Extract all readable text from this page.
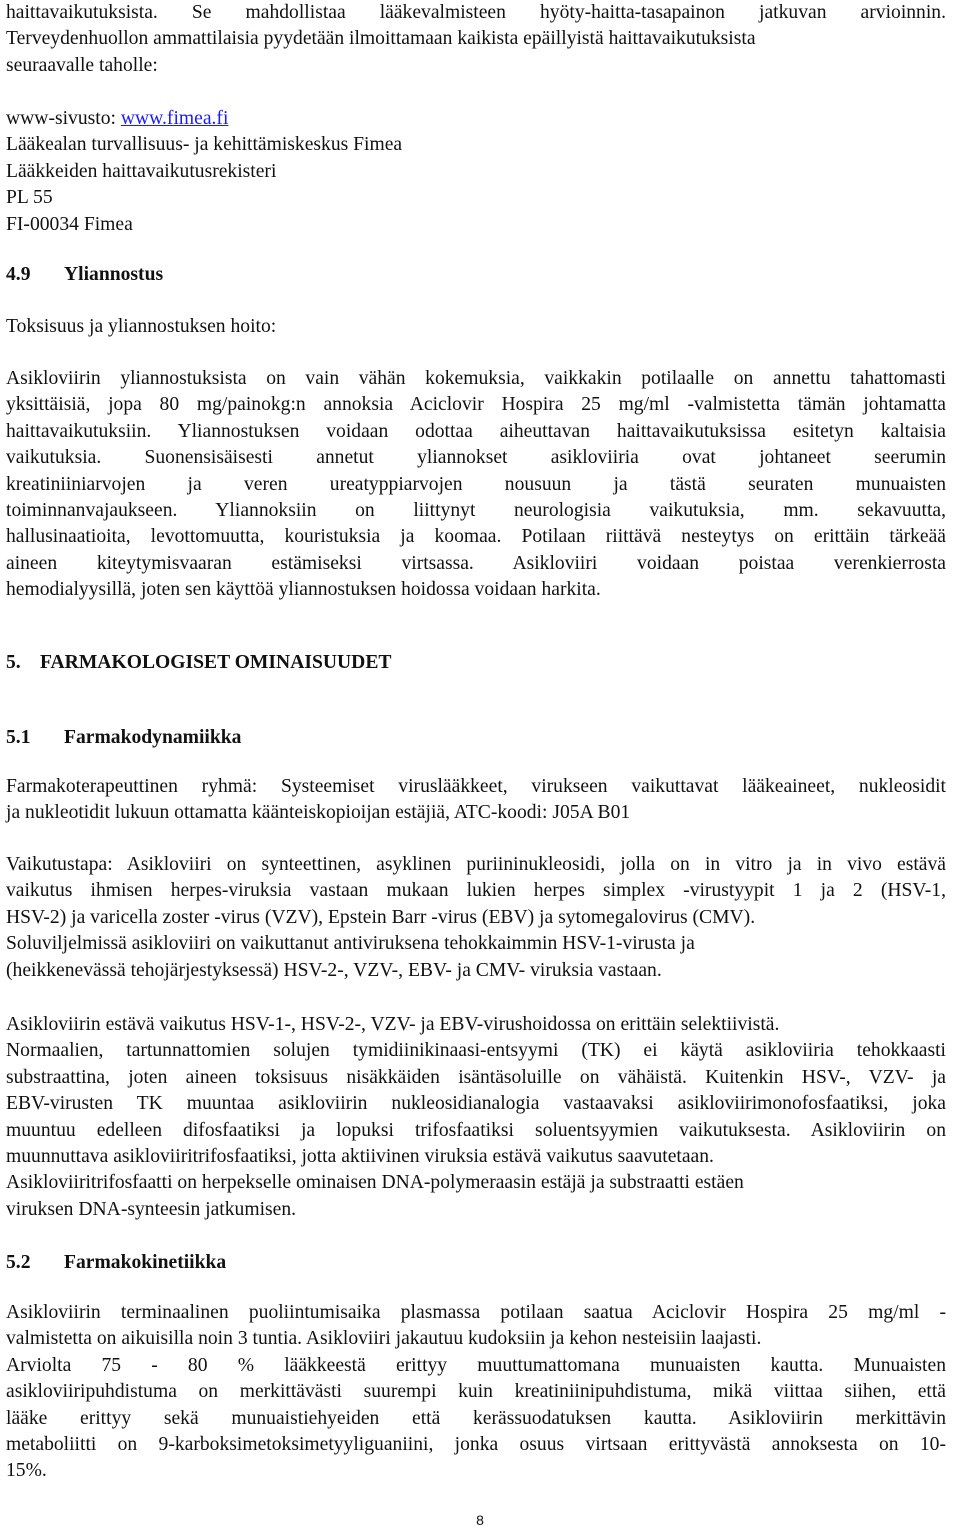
haittavaikutuksista. Se mahdollistaa lääkevalmisteen hyöty-haitta-tasapainon jatkuvan arvioinnin.
Terveydenhuollon ammattilaisia pyydetään ilmoittamaan kaikista epäillyistä haittavaikutuksista
seuraavalle taholle:
www-sivusto: www.fimea.fi
Lääkealan turvallisuus- ja kehittämiskeskus Fimea
Lääkkeiden haittavaikutusrekisteri
PL 55
FI-00034 Fimea
4.9 Yliannostus
Toksisuus ja yliannostuksen hoito:
Asikloviirin yliannostuksista on vain vähän kokemuksia, vaikkakin potilaalle on annettu tahattomasti
yksittäisiä, jopa 80 mg/painokg:n annoksia Aciclovir Hospira 25 mg/ml -valmistetta tämän johtamatta
haittavaikutuksiin. Yliannostuksen voidaan odottaa aiheuttavan haittavaikutuksissa esitetyn kaltaisia
vaikutuksia. Suonensisäisesti annetut yliannokset asikloviiria ovat johtaneet seerumin
kreatiniiniarvojen ja veren ureatyppiarvojen nousuun ja tästä seuraten munuaisten
toiminnanvajaukseen. Yliannoksiin on liittynyt neurologisia vaikutuksia, mm. sekavuutta,
hallusinaatioita, levottomuutta, kouristuksia ja koomaa. Potilaan riittävä nesteytys on erittäin tärkeää
aineen kiteytymisvaaran estämiseksi virtsassa. Asikloviiri voidaan poistaa verenkierrosta
hemodialyysillä, joten sen käyttöä yliannostuksen hoidossa voidaan harkita.
5. FARMAKOLOGISET OMINAISUUDET
5.1 Farmakodynamiikka
Farmakoterapeuttinen ryhmä: Systeemiset viruslääkkeet, virukseen vaikuttavat lääkeaineet, nukleosidit
ja nukleotidit lukuun ottamatta käänteiskopioijan estäjiä, ATC-koodi: J05A B01
Vaikutustapa: Asikloviiri on synteettinen, asyklinen puriininukleosidi, jolla on in vitro ja in vivo estävä
vaikutus ihmisen herpes-viruksia vastaan mukaan lukien herpes simplex -virustyypit 1 ja 2 (HSV-1,
HSV-2) ja varicella zoster -virus (VZV), Epstein Barr -virus (EBV) ja sytomegalovirus (CMV).
Soluviljelmissä asikloviiri on vaikuttanut antiviruksena tehokkaimmin HSV-1-virusta ja
(heikkenevässä tehojärjestyksessä) HSV-2-, VZV-, EBV- ja CMV- viruksia vastaan.
Asikloviirin estävä vaikutus HSV-1-, HSV-2-, VZV- ja EBV-virushoidossa on erittäin selektiivistä.
Normaalien, tartunnattomien solujen tymidiinikinaasi-entsyymi (TK) ei käytä asikloviiria tehokkaasti
substraattina, joten aineen toksisuus nisäkkäiden isäntäsoluille on vähäistä. Kuitenkin HSV-, VZV- ja
EBV-virusten TK muuntaa asikloviirin nukleosidianalogia vastaavaksi asikloviirimonofosfaatiksi, joka
muuntuu edelleen difosfaatiksi ja lopuksi trifosfaatiksi soluentsyymien vaikutuksesta. Asikloviirin on
muunnuttava asikloviiritrifosfaatiksi, jotta aktiivinen viruksia estävä vaikutus saavutetaan.
Asikloviiritrifosfaatti on herpekselle ominaisen DNA-polymeraasin estäjä ja substraatti estäen
viruksen DNA-synteesin jatkumisen.
5.2 Farmakokinetiikka
Asikloviirin terminaalinen puoliintumisaika plasmassa potilaan saatua Aciclovir Hospira 25 mg/ml -
valmistetta on aikuisilla noin 3 tuntia. Asikloviiri jakautuu kudoksiin ja kehon nesteisiin laajasti.
Arviolta 75 - 80 % lääkkeestä erittyy muuttumattomana munuaisten kautta. Munuaisten
asikloviiripuhdistuma on merkittävästi suurempi kuin kreatiniinipuhdistuma, mikä viittaa siihen, että
lääke erittyy sekä munuaistiehyeiden että kerässuodatuksen kautta. Asikloviirin merkittävin
metaboliitti on 9-karboksimetoksimetyyliguaniini, jonka osuus virtsaan erittyvästä annoksesta on 10-
15%.
8
